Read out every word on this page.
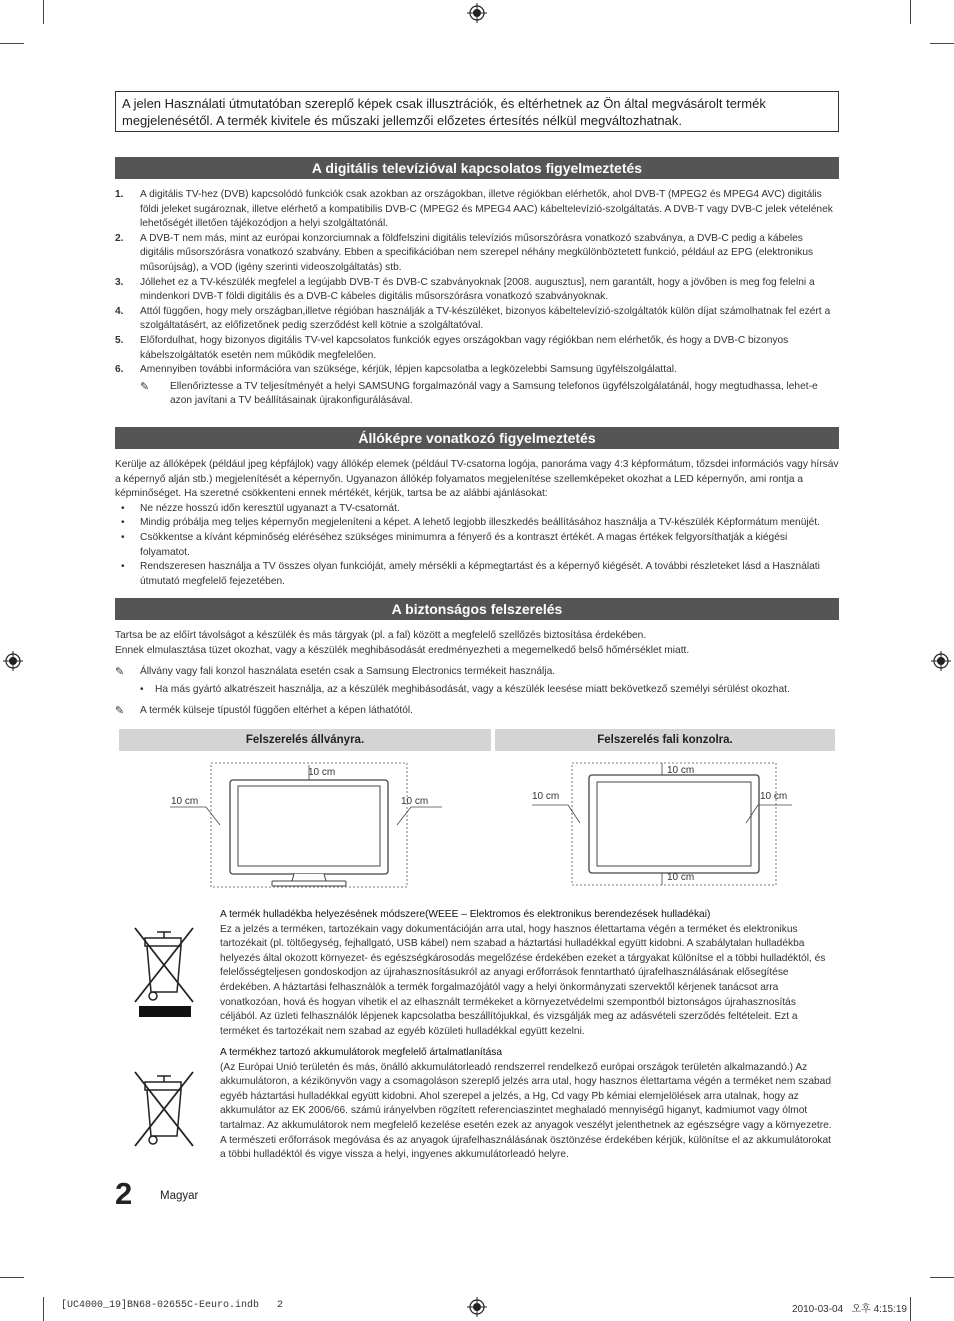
A jelen Használati útmutatóban szereplő képek csak illusztrációk, és eltérhetnek az Ön által megvásárolt termék megjelenésétől. A termék kivitele és műszaki jellemzői előzetes értesítés nélkül megváltozhatnak.
A digitális televízióval kapcsolatos figyelmeztetés
1. A digitális TV-hez (DVB) kapcsolódó funkciók csak azokban az országokban, illetve régiókban elérhetők, ahol DVB-T (MPEG2 és MPEG4 AVC) digitális földi jeleket sugároznak, illetve elérhető a kompatibilis DVB-C (MPEG2 és MPEG4 AAC) kábeltelevízió-szolgáltatás. A DVB-T vagy DVB-C jelek vételének lehetőségét illetően tájékozódjon a helyi szolgáltatónál.
2. A DVB-T nem más, mint az európai konzorciumnak a földfelszini digitális televíziós műsorszórásra vonatkozó szabványa, a DVB-C pedig a kábeles digitális műsorszórásra vonatkozó szabvány. Ebben a specifikációban nem szerepel néhány megkülönböztetett funkció, például az EPG (elektronikus műsorújság), a VOD (igény szerinti videoszolgáltatás) stb.
3. Jóllehet ez a TV-készülék megfelel a legújabb DVB-T és DVB-C szabványoknak [2008. augusztus], nem garantált, hogy a jövőben is meg fog felelni a mindenkori DVB-T földi digitális és a DVB-C kábeles digitális műsorszórásra vonatkozó szabványoknak.
4. Attól függően, hogy mely országban,illetve régióban használják a TV-készüléket, bizonyos kábeltelevízió-szolgáltatók külön díjat számolhatnak fel ezért a szolgáltatásért, az előfizetőnek pedig szerződést kell kötnie a szolgáltatóval.
5. Előfordulhat, hogy bizonyos digitális TV-vel kapcsolatos funkciók egyes országokban vagy régiókban nem elérhetők, és hogy a DVB-C bizonyos kábelszolgáltatók esetén nem működik megfelelően.
6. Amennyiben további információra van szüksége, kérjük, lépjen kapcsolatba a legközelebbi Samsung ügyfélszolgálattal.
✎ Ellenőriztesse a TV teljesítményét a helyi SAMSUNG forgalmazónál vagy a Samsung telefonos ügyfélszolgálatánál, hogy megtudhassa, lehet-e azon javítani a TV beállításainak újrakonfigurálásával.
Állóképre vonatkozó figyelmeztetés
Kerülje az állóképek (például jpeg képfájlok) vagy állókép elemek (például TV-csatorna logója, panoráma vagy 4:3 képformátum, tőzsdei információs vagy hírsáv a képernyő alján stb.) megjelenítését a képernyőn. Ugyanazon állókép folyamatos megjelenítése szellemképeket okozhat a LED képernyőn, ami rontja a képminőséget. Ha szeretné csökkenteni ennek mértékét, kérjük, tartsa be az alábbi ajánlásokat:
• Ne nézze hosszú időn keresztül ugyanazt a TV-csatornát.
• Mindig próbálja meg teljes képernyőn megjeleníteni a képet. A lehető legjobb illeszkedés beállításához használja a TV-készülék Képformátum menüjét.
• Csökkentse a kívánt képminőség eléréséhez szükséges minimumra a fényerő és a kontraszt értékét. A magas értékek felgyorsíthatják a kiégési folyamatot.
• Rendszeresen használja a TV összes olyan funkcióját, amely mérsékli a képmegtartást és a képernyő kiégését. A további részleteket lásd a Használati útmutató megfelelő fejezetében.
A biztonságos felszerelés
Tartsa be az előírt távolságot a készülék és más tárgyak (pl. a fal) között a megfelelő szellőzés biztosítása érdekében.
Ennek elmulasztása tüzet okozhat, vagy a készülék meghibásodását eredményezheti a megemelkedő belső hőmérséklet miatt.
✎ Állvány vagy fali konzol használata esetén csak a Samsung Electronics termékeit használja.
• Ha más gyártó alkatrészeit használja, az a készülék meghibásodását, vagy a készülék leesése miatt bekövetkező személyi sérülést okozhat.
✎ A termék külseje típustól függően eltérhet a képen láthatótól.
Felszerelés állványra.	Felszerelés fali konzolra.
10 cm
10 cm	10 cm
10 cm
10 cm	10 cm
10 cm
A termék hulladékba helyezésének módszere(WEEE – Elektromos és elektronikus berendezések hulladékai)
Ez a jelzés a terméken, tartozékain vagy dokumentációján arra utal, hogy hasznos élettartama végén a terméket és elektronikus tartozékait (pl. töltőegység, fejhallgató, USB kábel) nem szabad a háztartási hulladékkal együtt kidobni. A szabálytalan hulladékba helyezés által okozott környezet- és egészségkárosodás megelőzése érdekében ezeket a tárgyakat különítse el a többi hulladéktól, és felelősségteljesen gondoskodjon az újrahasznosításukról az anyagi erőforrások fenntartható újrafelhasználásának elősegítése érdekében. A háztartási felhasználók a termék forgalmazójától vagy a helyi önkormányzati szervektől kérjenek tanácsot arra vonatkozóan, hová és hogyan vihetik el az elhasznált termékeket a környezetvédelmi szempontból biztonságos újrahasznosítás céljából. Az üzleti felhasználók lépjenek kapcsolatba beszállítójukkal, és vizsgálják meg az adásvételi szerződés feltételeit. Ezt a terméket és tartozékait nem szabad az egyéb közületi hulladékkal együtt kezelni.
A termékhez tartozó akkumulátorok megfelelő ártalmatlanítása
(Az Európai Unió területén és más, önálló akkumulátorleadó rendszerrel rendelkező európai országok területén alkalmazandó.) Az akkumulátoron, a kézikönyvön vagy a csomagoláson szereplő jelzés arra utal, hogy hasznos élettartama végén a terméket nem szabad egyéb háztartási hulladékkal együtt kidobni. Ahol szerepel a jelzés, a Hg, Cd vagy Pb kémiai elemjelölések arra utalnak, hogy az akkumulátor az EK 2006/66. számú irányelvben rögzített referenciaszintet meghaladó mennyiségű higanyt, kadmiumot vagy ólmot tartalmaz. Az akkumulátorok nem megfelelő kezelése esetén ezek az anyagok veszélyt jelenthetnek az egészségre vagy a környezetre. A természeti erőforrások megóvása és az anyagok újrafelhasználásának ösztönzése érdekében kérjük, különítse el az akkumulátorokat a többi hulladéktól és vigye vissza a helyi, ingyenes akkumulátorleadó helyre.
2 Magyar
[UC4000_19]BN68-02655C-Eeuro.indb   2	2010-03-04   오후 4:15:19
